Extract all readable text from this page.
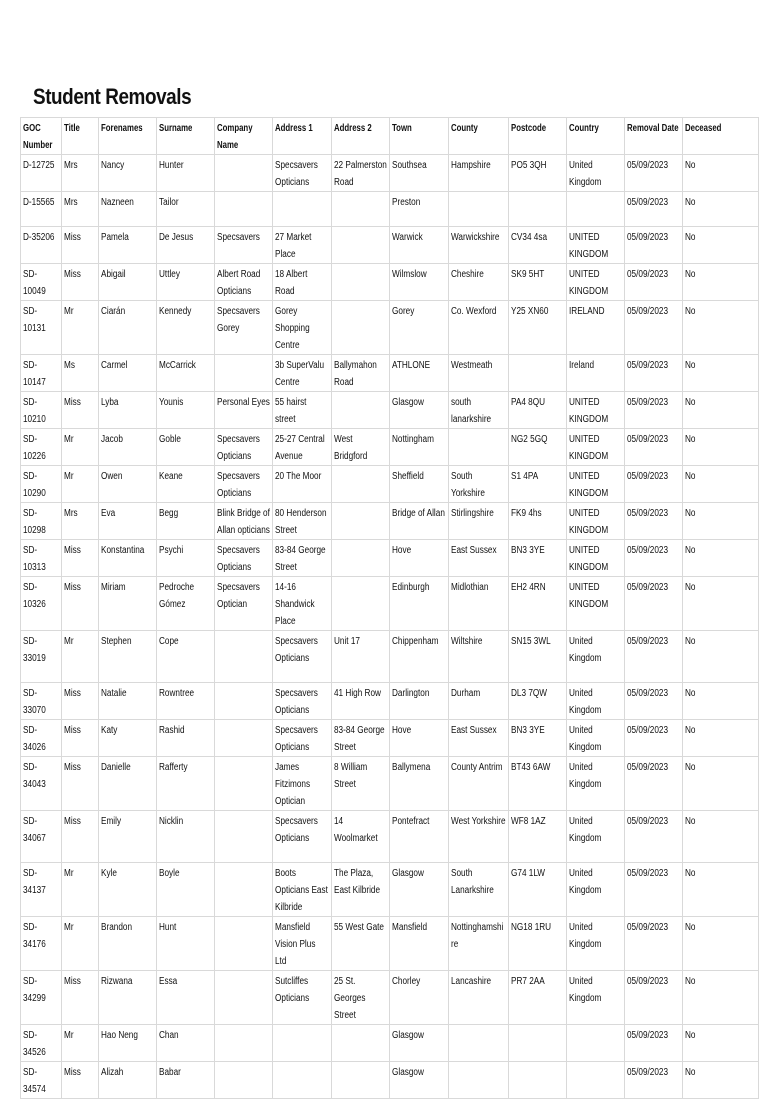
Student Removals
GOC Number	Title	Forenames	Surname	Company Name	Address 1	Address 2	Town	County	Postcode	Country	Removal Date	Deceased

D-12725	Mrs	Nancy	Hunter		Specsavers Opticians	22 Palmerston Road	Southsea	Hampshire	PO5 3QH	United Kingdom	05/09/2023	No

D-15565	Mrs	Nazneen	Tailor				Preston				05/09/2023	No

D-35206	Miss	Pamela	De Jesus	Specsavers	27 Market Place		Warwick	Warwickshire	CV34 4sa	UNITED KINGDOM	05/09/2023	No

SD-10049	Miss	Abigail	Uttley	Albert Road Opticians	18 Albert Road		Wilmslow	Cheshire	SK9 5HT	UNITED KINGDOM	05/09/2023	No

SD-10131	Mr	Ciarán	Kennedy	Specsavers Gorey	Gorey Shopping Centre		Gorey	Co. Wexford	Y25 XN60	IRELAND	05/09/2023	No

SD-10147	Ms	Carmel	McCarrick		3b SuperValu Centre	Ballymahon Road	ATHLONE	Westmeath		Ireland	05/09/2023	No

SD-10210	Miss	Lyba	Younis	Personal Eyes	55 hairst street		Glasgow	south lanarkshire	PA4 8QU	UNITED KINGDOM	05/09/2023	No

SD-10226	Mr	Jacob	Goble	Specsavers Opticians	25-27 Central Avenue	West Bridgford	Nottingham		NG2 5GQ	UNITED KINGDOM	05/09/2023	No

SD-10290	Mr	Owen	Keane	Specsavers Opticians	20 The Moor		Sheffield	South Yorkshire	S1 4PA	UNITED KINGDOM	05/09/2023	No

SD-10298	Mrs	Eva	Begg	Blink Bridge of Allan opticians	80 Henderson Street		Bridge of Allan	Stirlingshire	FK9 4hs	UNITED KINGDOM	05/09/2023	No

SD-10313	Miss	Konstantina	Psychi	Specsavers Opticians	83-84 George Street		Hove	East Sussex	BN3 3YE	UNITED KINGDOM	05/09/2023	No

SD-10326	Miss	Miriam	Pedroche Gómez	Specsavers Optician	14-16 Shandwick Place		Edinburgh	Midlothian	EH2 4RN	UNITED KINGDOM	05/09/2023	No

SD-33019	Mr	Stephen	Cope		Specsavers Opticians	Unit 17	Chippenham	Wiltshire	SN15 3WL	United Kingdom	05/09/2023	No

SD-33070	Miss	Natalie	Rowntree		Specsavers Opticians	41 High Row	Darlington	Durham	DL3 7QW	United Kingdom	05/09/2023	No

SD-34026	Miss	Katy	Rashid		Specsavers Opticians	83-84 George Street	Hove	East Sussex	BN3 3YE	United Kingdom	05/09/2023	No

SD-34043	Miss	Danielle	Rafferty		James Fitzimons Optician	8 William Street	Ballymena	County Antrim	BT43 6AW	United Kingdom	05/09/2023	No

SD-34067	Miss	Emily	Nicklin		Specsavers Opticians	14 Woolmarket	Pontefract	West Yorkshire	WF8 1AZ	United Kingdom	05/09/2023	No

SD-34137	Mr	Kyle	Boyle		Boots Opticians East Kilbride	The Plaza, East Kilbride	Glasgow	South Lanarkshire	G74 1LW	United Kingdom	05/09/2023	No

SD-34176	Mr	Brandon	Hunt		Mansfield Vision Plus Ltd	55 West Gate	Mansfield	Nottinghamshire	NG18 1RU	United Kingdom	05/09/2023	No

SD-34299	Miss	Rizwana	Essa		Sutcliffes Opticians	25 St. Georges Street	Chorley	Lancashire	PR7 2AA	United Kingdom	05/09/2023	No

SD-34526	Mr	Hao Neng	Chan				Glasgow				05/09/2023	No

SD-34574	Miss	Alizah	Babar				Glasgow				05/09/2023	No
